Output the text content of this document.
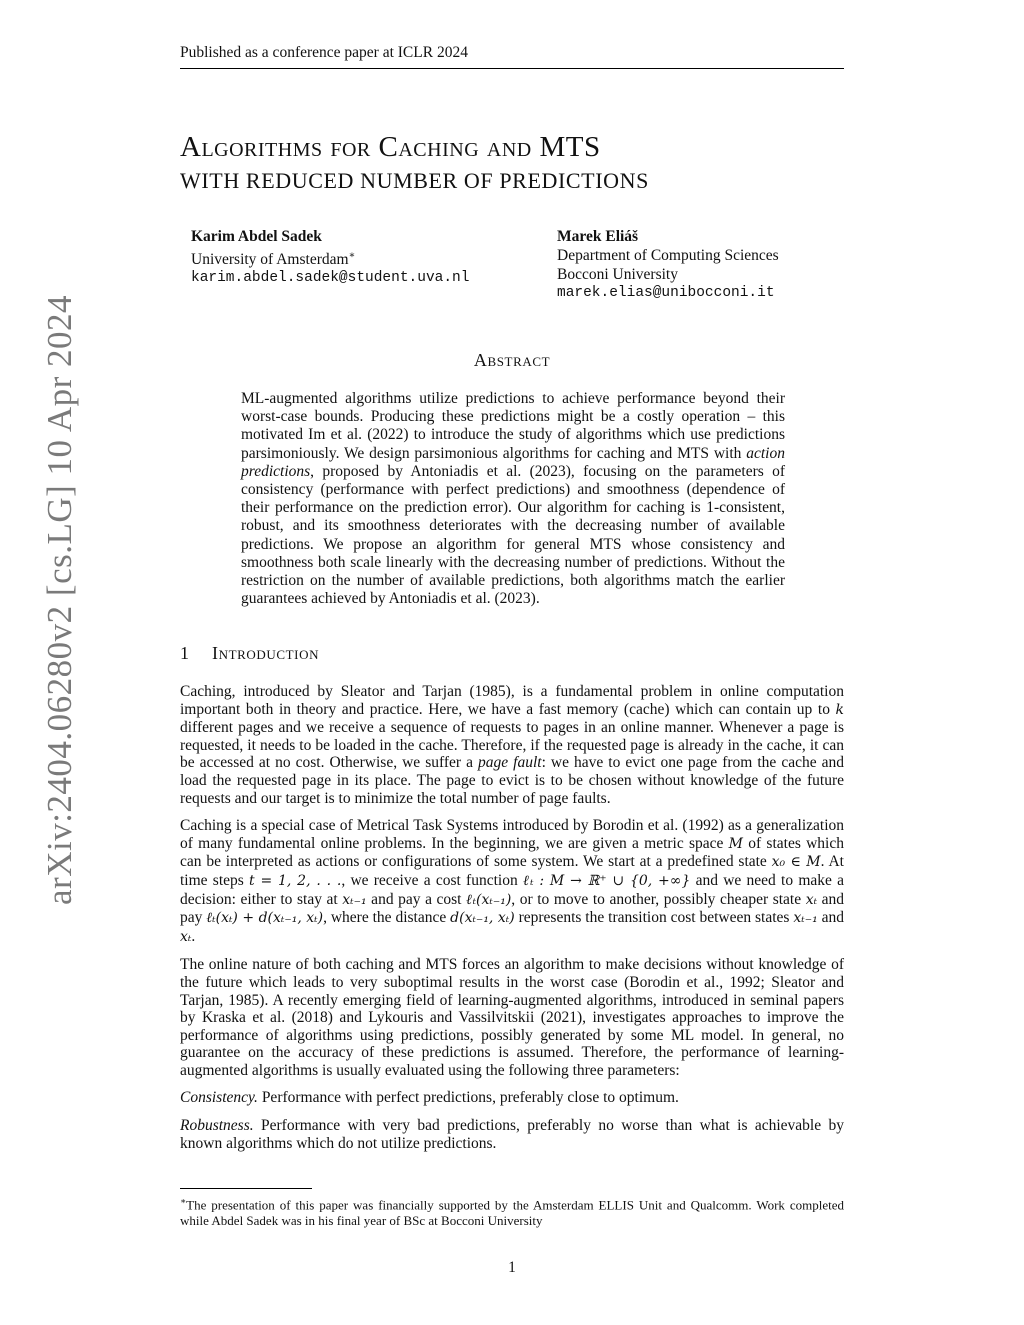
Published as a conference paper at ICLR 2024
arXiv:2404.06280v2 [cs.LG] 10 Apr 2024
Algorithms for Caching and MTS
WITH REDUCED NUMBER OF PREDICTIONS
Karim Abdel Sadek
University of Amsterdam∗
karim.abdel.sadek@student.uva.nl
Marek Eliáš
Department of Computing Sciences
Bocconi University
marek.elias@unibocconi.it
Abstract
ML-augmented algorithms utilize predictions to achieve performance beyond their worst-case bounds. Producing these predictions might be a costly operation – this motivated Im et al. (2022) to introduce the study of algorithms which use predictions parsimoniously. We design parsimonious algorithms for caching and MTS with action predictions, proposed by Antoniadis et al. (2023), focusing on the parameters of consistency (performance with perfect predictions) and smoothness (dependence of their performance on the prediction error). Our algorithm for caching is 1-consistent, robust, and its smoothness deteriorates with the decreasing number of available predictions. We propose an algorithm for general MTS whose consistency and smoothness both scale linearly with the decreasing number of predictions. Without the restriction on the number of available predictions, both algorithms match the earlier guarantees achieved by Antoniadis et al. (2023).
1 Introduction

Caching, introduced by Sleator and Tarjan (1985), is a fundamental problem in online computation important both in theory and practice. Here, we have a fast memory (cache) which can contain up to k different pages and we receive a sequence of requests to pages in an online manner. Whenever a page is requested, it needs to be loaded in the cache. Therefore, if the requested page is already in the cache, it can be accessed at no cost. Otherwise, we suffer a page fault: we have to evict one page from the cache and load the requested page in its place. The page to evict is to be chosen without knowledge of the future requests and our target is to minimize the total number of page faults.

Caching is a special case of Metrical Task Systems introduced by Borodin et al. (1992) as a generalization of many fundamental online problems. In the beginning, we are given a metric space M of states which can be interpreted as actions or configurations of some system. We start at a predefined state x₀ ∈ M. At time steps t = 1, 2, . . ., we receive a cost function ℓₜ : M → ℝ⁺ ∪ {0, +∞} and we need to make a decision: either to stay at xₜ₋₁ and pay a cost ℓₜ(xₜ₋₁), or to move to another, possibly cheaper state xₜ and pay ℓₜ(xₜ) + d(xₜ₋₁, xₜ), where the distance d(xₜ₋₁, xₜ) represents the transition cost between states xₜ₋₁ and xₜ.

The online nature of both caching and MTS forces an algorithm to make decisions without knowledge of the future which leads to very suboptimal results in the worst case (Borodin et al., 1992; Sleator and Tarjan, 1985). A recently emerging field of learning-augmented algorithms, introduced in seminal papers by Kraska et al. (2018) and Lykouris and Vassilvitskii (2021), investigates approaches to improve the performance of algorithms using predictions, possibly generated by some ML model. In general, no guarantee on the accuracy of these predictions is assumed. Therefore, the performance of learning-augmented algorithms is usually evaluated using the following three parameters:

Consistency. Performance with perfect predictions, preferably close to optimum.

Robustness. Performance with very bad predictions, preferably no worse than what is achievable by known algorithms which do not utilize predictions.

∗The presentation of this paper was financially supported by the Amsterdam ELLIS Unit and Qualcomm. Work completed while Abdel Sadek was in his final year of BSc at Bocconi University
1
